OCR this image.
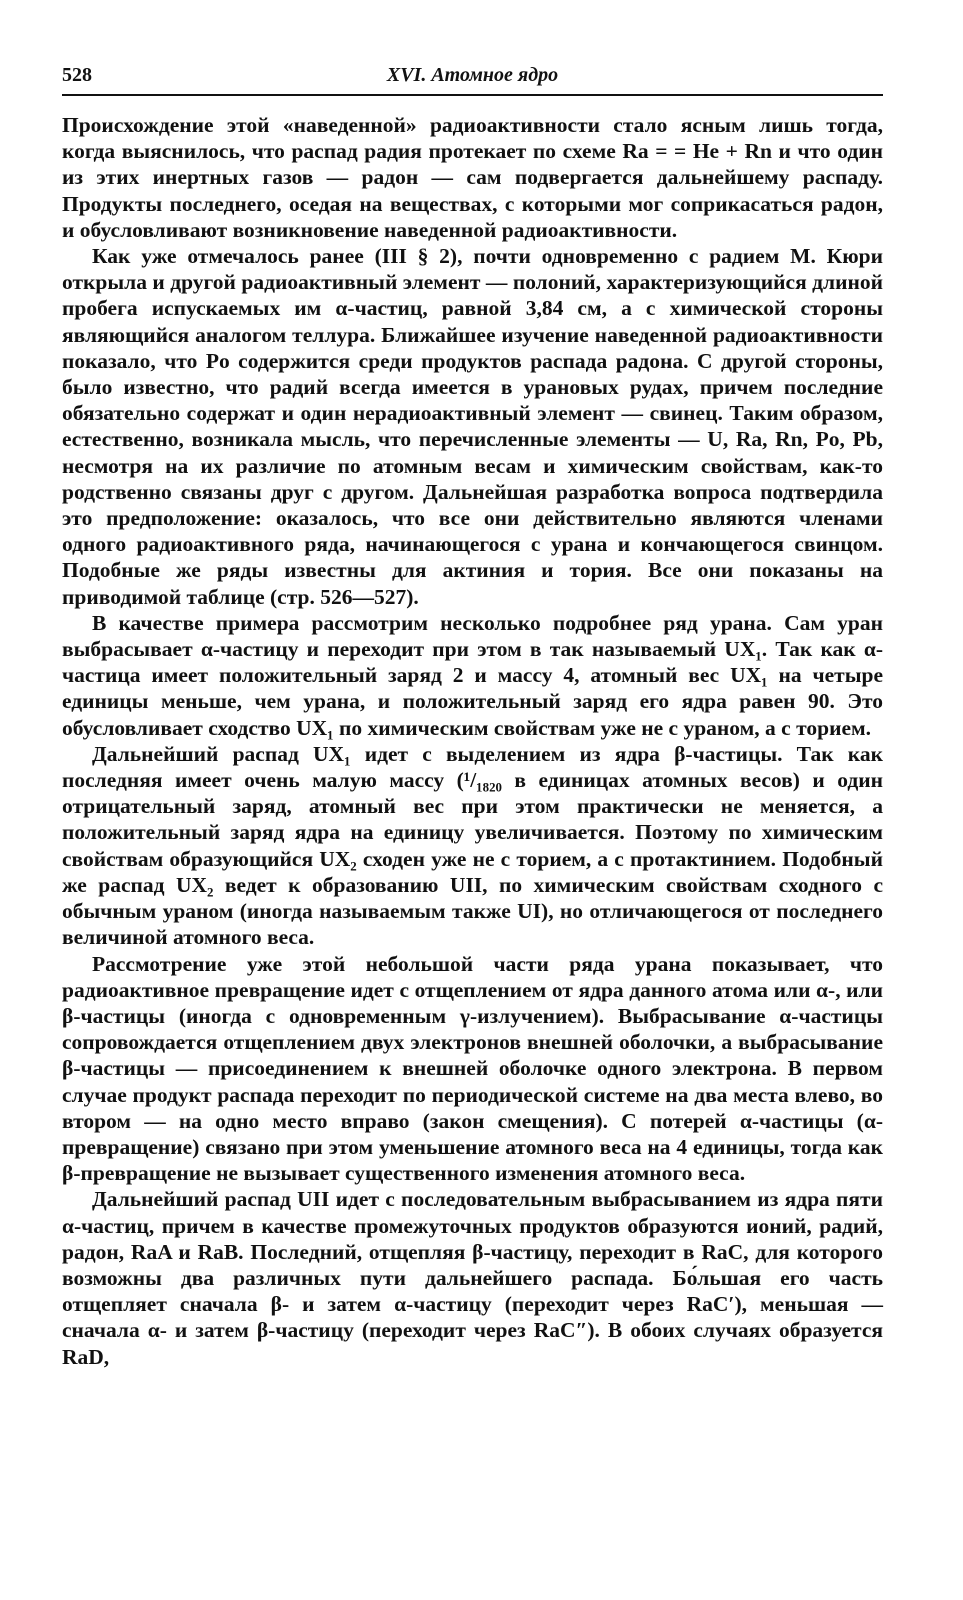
528	XVI. Атомное ядро

Происхождение этой «наведенной» радиоактивности стало ясным лишь тогда, когда выяснилось, что распад радия протекает по схеме Ra = = He + Rn и что один из этих инертных газов — радон — сам подвергается дальнейшему распаду. Продукты последнего, оседая на веществах, с которыми мог соприкасаться радон, и обусловливают возникновение наведенной радиоактивности.

Как уже отмечалось ранее (III § 2), почти одновременно с радием М. Кюри открыла и другой радиоактивный элемент — полоний, характеризующийся длиной пробега испускаемых им α-частиц, равной 3,84 см, а с химической стороны являющийся аналогом теллура. Ближайшее изучение наведенной радиоактивности показало, что Po содержится среди продуктов распада радона. С другой стороны, было известно, что радий всегда имеется в урановых рудах, причем последние обязательно содержат и один нерадиоактивный элемент — свинец. Таким образом, естественно, возникала мысль, что перечисленные элементы — U, Ra, Rn, Po, Pb, несмотря на их различие по атомным весам и химическим свойствам, как-то родственно связаны друг с другом. Дальнейшая разработка вопроса подтвердила это предположение: оказалось, что все они действительно являются членами одного радиоактивного ряда, начинающегося с урана и кончающегося свинцом. Подобные же ряды известны для актиния и тория. Все они показаны на приводимой таблице (стр. 526—527).

В качестве примера рассмотрим несколько подробнее ряд урана. Сам уран выбрасывает α-частицу и переходит при этом в так называемый UX₁. Так как α-частица имеет положительный заряд 2 и массу 4, атомный вес UX₁ на четыре единицы меньше, чем урана, и положительный заряд его ядра равен 90. Это обусловливает сходство UX₁ по химическим свойствам уже не с ураном, а с торием.

Дальнейший распад UX₁ идет с выделением из ядра β-частицы. Так как последняя имеет очень малую массу (¹/₁₈₂₀ в единицах атомных весов) и один отрицательный заряд, атомный вес при этом практически не меняется, а положительный заряд ядра на единицу увеличивается. Поэтому по химическим свойствам образующийся UX₂ сходен уже не с торием, а с протактинием. Подобный же распад UX₂ ведет к образованию UII, по химическим свойствам сходного с обычным ураном (иногда называемым также UI), но отличающегося от последнего величиной атомного веса.

Рассмотрение уже этой небольшой части ряда урана показывает, что радиоактивное превращение идет с отщеплением от ядра данного атома или α-, или β-частицы (иногда с одновременным γ-излучением). Выбрасывание α-частицы сопровождается отщеплением двух электронов внешней оболочки, а выбрасывание β-частицы — присоединением к внешней оболочке одного электрона. В первом случае продукт распада переходит по периодической системе на два места влево, во втором — на одно место вправо (закон смещения). С потерей α-частицы (α-превращение) связано при этом уменьшение атомного веса на 4 единицы, тогда как β-превращение не вызывает существенного изменения атомного веса.

Дальнейший распад UII идет с последовательным выбрасыванием из ядра пяти α-частиц, причем в качестве промежуточных продуктов образуются ионий, радий, радон, RaA и RaB. Последний, отщепляя β-частицу, переходит в RaC, для которого возможны два различных пути дальнейшего распада. Бо́льшая его часть отщепляет сначала β- и затем α-частицу (переходит через RaC′), меньшая — сначала α- и затем β-частицу (переходит через RaC″). В обоих случаях образуется RaD,
